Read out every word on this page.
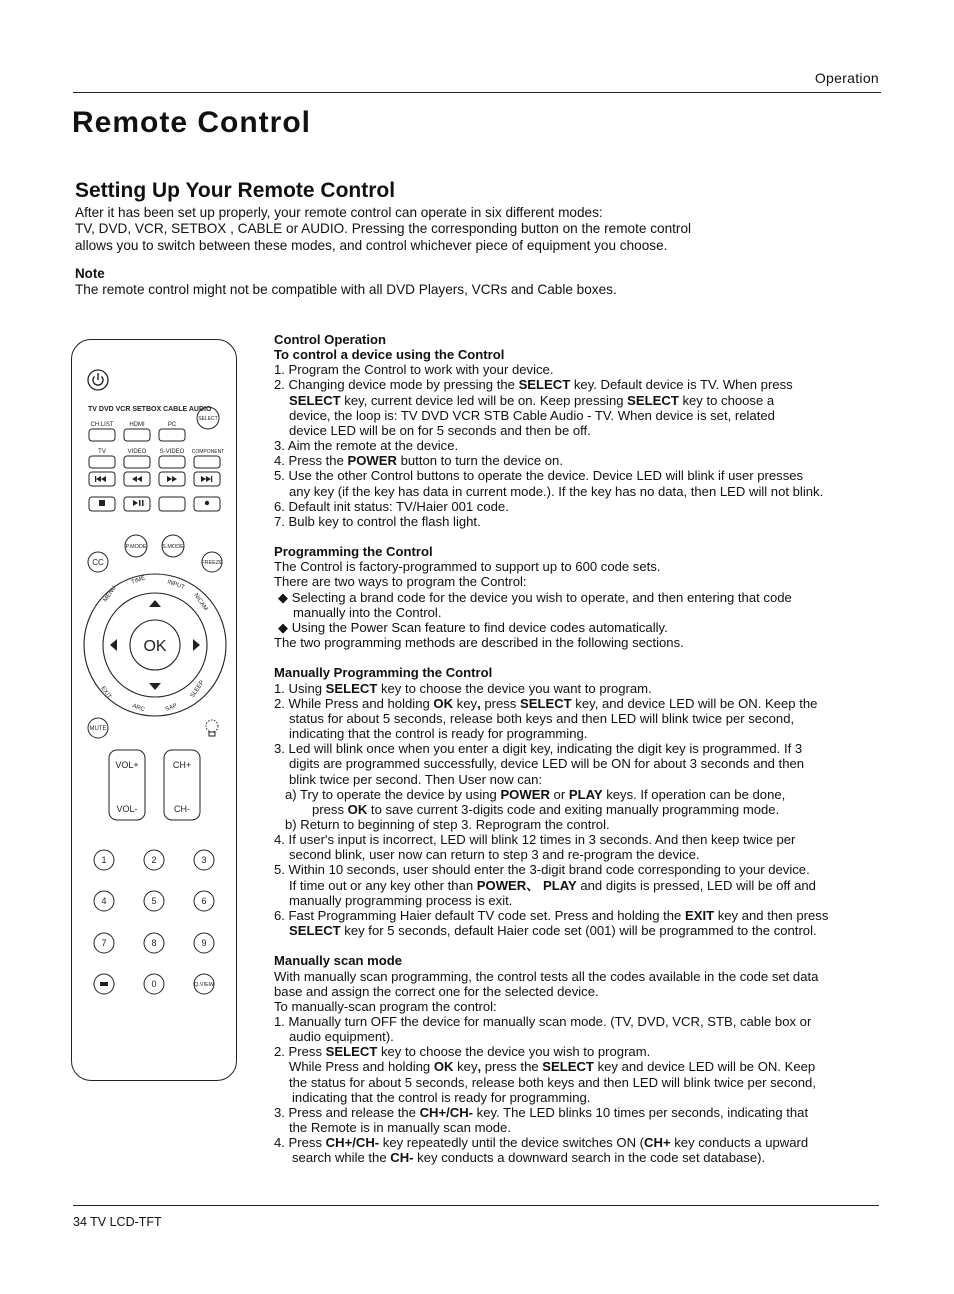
Operation
Remote Control
Setting Up Your Remote Control
After it has been set up properly, your remote control can operate in six different modes:
TV, DVD, VCR, SETBOX , CABLE or AUDIO. Pressing the corresponding button on the remote control
allows you to switch between these modes, and control whichever piece of equipment you choose.
Note
The remote control might not be compatible with all DVD Players, VCRs and Cable boxes.
TV DVD VCR SETBOX CABLE AUDIO
SELECT
CH.LIST	HDMI	PC
TV	VIDEO S-VIDEO COMPONENT
P.MODE	S.MODE
CC	FREEZE
OK
MENU
TIME	INPUT
NICAM
EXIT
ARC	SAP
SLEEP
MUTE
VOL+
VOL-
CH+
CH-
1	2	3
4	5	6
7	8	9
0	Q.VIEW
Control Operation
To control a device using the Control
1. Program the Control to work with your device.
2. Changing device mode by pressing the SELECT key. Default device is TV. When press
SELECT key, current device led will be on. Keep pressing SELECT key to choose a
device, the loop is: TV DVD VCR STB Cable Audio - TV. When device is set, related
device LED will be on for 5 seconds and then be off.
3. Aim the remote at the device.
4. Press the POWER button to turn the device on.
5. Use the other Control buttons to operate the device. Device LED will blink if user presses
any key (if the key has data in current mode.). If the key has no data, then LED will not blink.
6. Default init status: TV/Haier 001 code.
7. Bulb key to control the flash light.
Programming the Control
The Control is factory-programmed to support up to 600 code sets.
There are two ways to program the Control:
◆ Selecting a brand code for the device you wish to operate, and then entering that code
manually into the Control.
◆ Using the Power Scan feature to find device codes automatically.
The two programming methods are described in the following sections.
Manually Programming the Control
1. Using SELECT key to choose the device you want to program.
2. While Press and holding OK key, press SELECT key, and device LED will be ON. Keep the
status for about 5 seconds, release both keys and then LED will blink twice per second,
indicating that the control is ready for programming.
3. Led will blink once when you enter a digit key, indicating the digit key is programmed. If 3
digits are programmed successfully, device LED will be ON for about 3 seconds and then
blink twice per second. Then User now can:
a) Try to operate the device by using POWER or PLAY keys. If operation can be done,
press OK to save current 3-digits code and exiting manually programming mode.
b) Return to beginning of step 3. Reprogram the control.
4. If user's input is incorrect, LED will blink 12 times in 3 seconds. And then keep twice per
second blink, user now can return to step 3 and re-program the device.
5. Within 10 seconds, user should enter the 3-digit brand code corresponding to your device.
If time out or any key other than POWER、 PLAY and digits is pressed, LED will be off and
manually programming process is exit.
6. Fast Programming Haier default TV code set. Press and holding the EXIT key and then press
SELECT key for 5 seconds, default Haier code set (001) will be programmed to the control.
Manually scan mode
With manually scan programming, the control tests all the codes available in the code set data
base and assign the correct one for the selected device.
To manually-scan program the control:
1. Manually turn OFF the device for manually scan mode. (TV, DVD, VCR, STB, cable box or
audio equipment).
2. Press SELECT key to choose the device you wish to program.
While Press and holding OK key, press the SELECT key and device LED will be ON. Keep
the status for about 5 seconds, release both keys and then LED will blink twice per second,
indicating that the control is ready for programming.
3. Press and release the CH+/CH- key. The LED blinks 10 times per seconds, indicating that
the Remote is in manually scan mode.
4. Press CH+/CH- key repeatedly until the device switches ON (CH+ key conducts a upward
search while the CH- key conducts a downward search in the code set database).
34 TV LCD-TFT
